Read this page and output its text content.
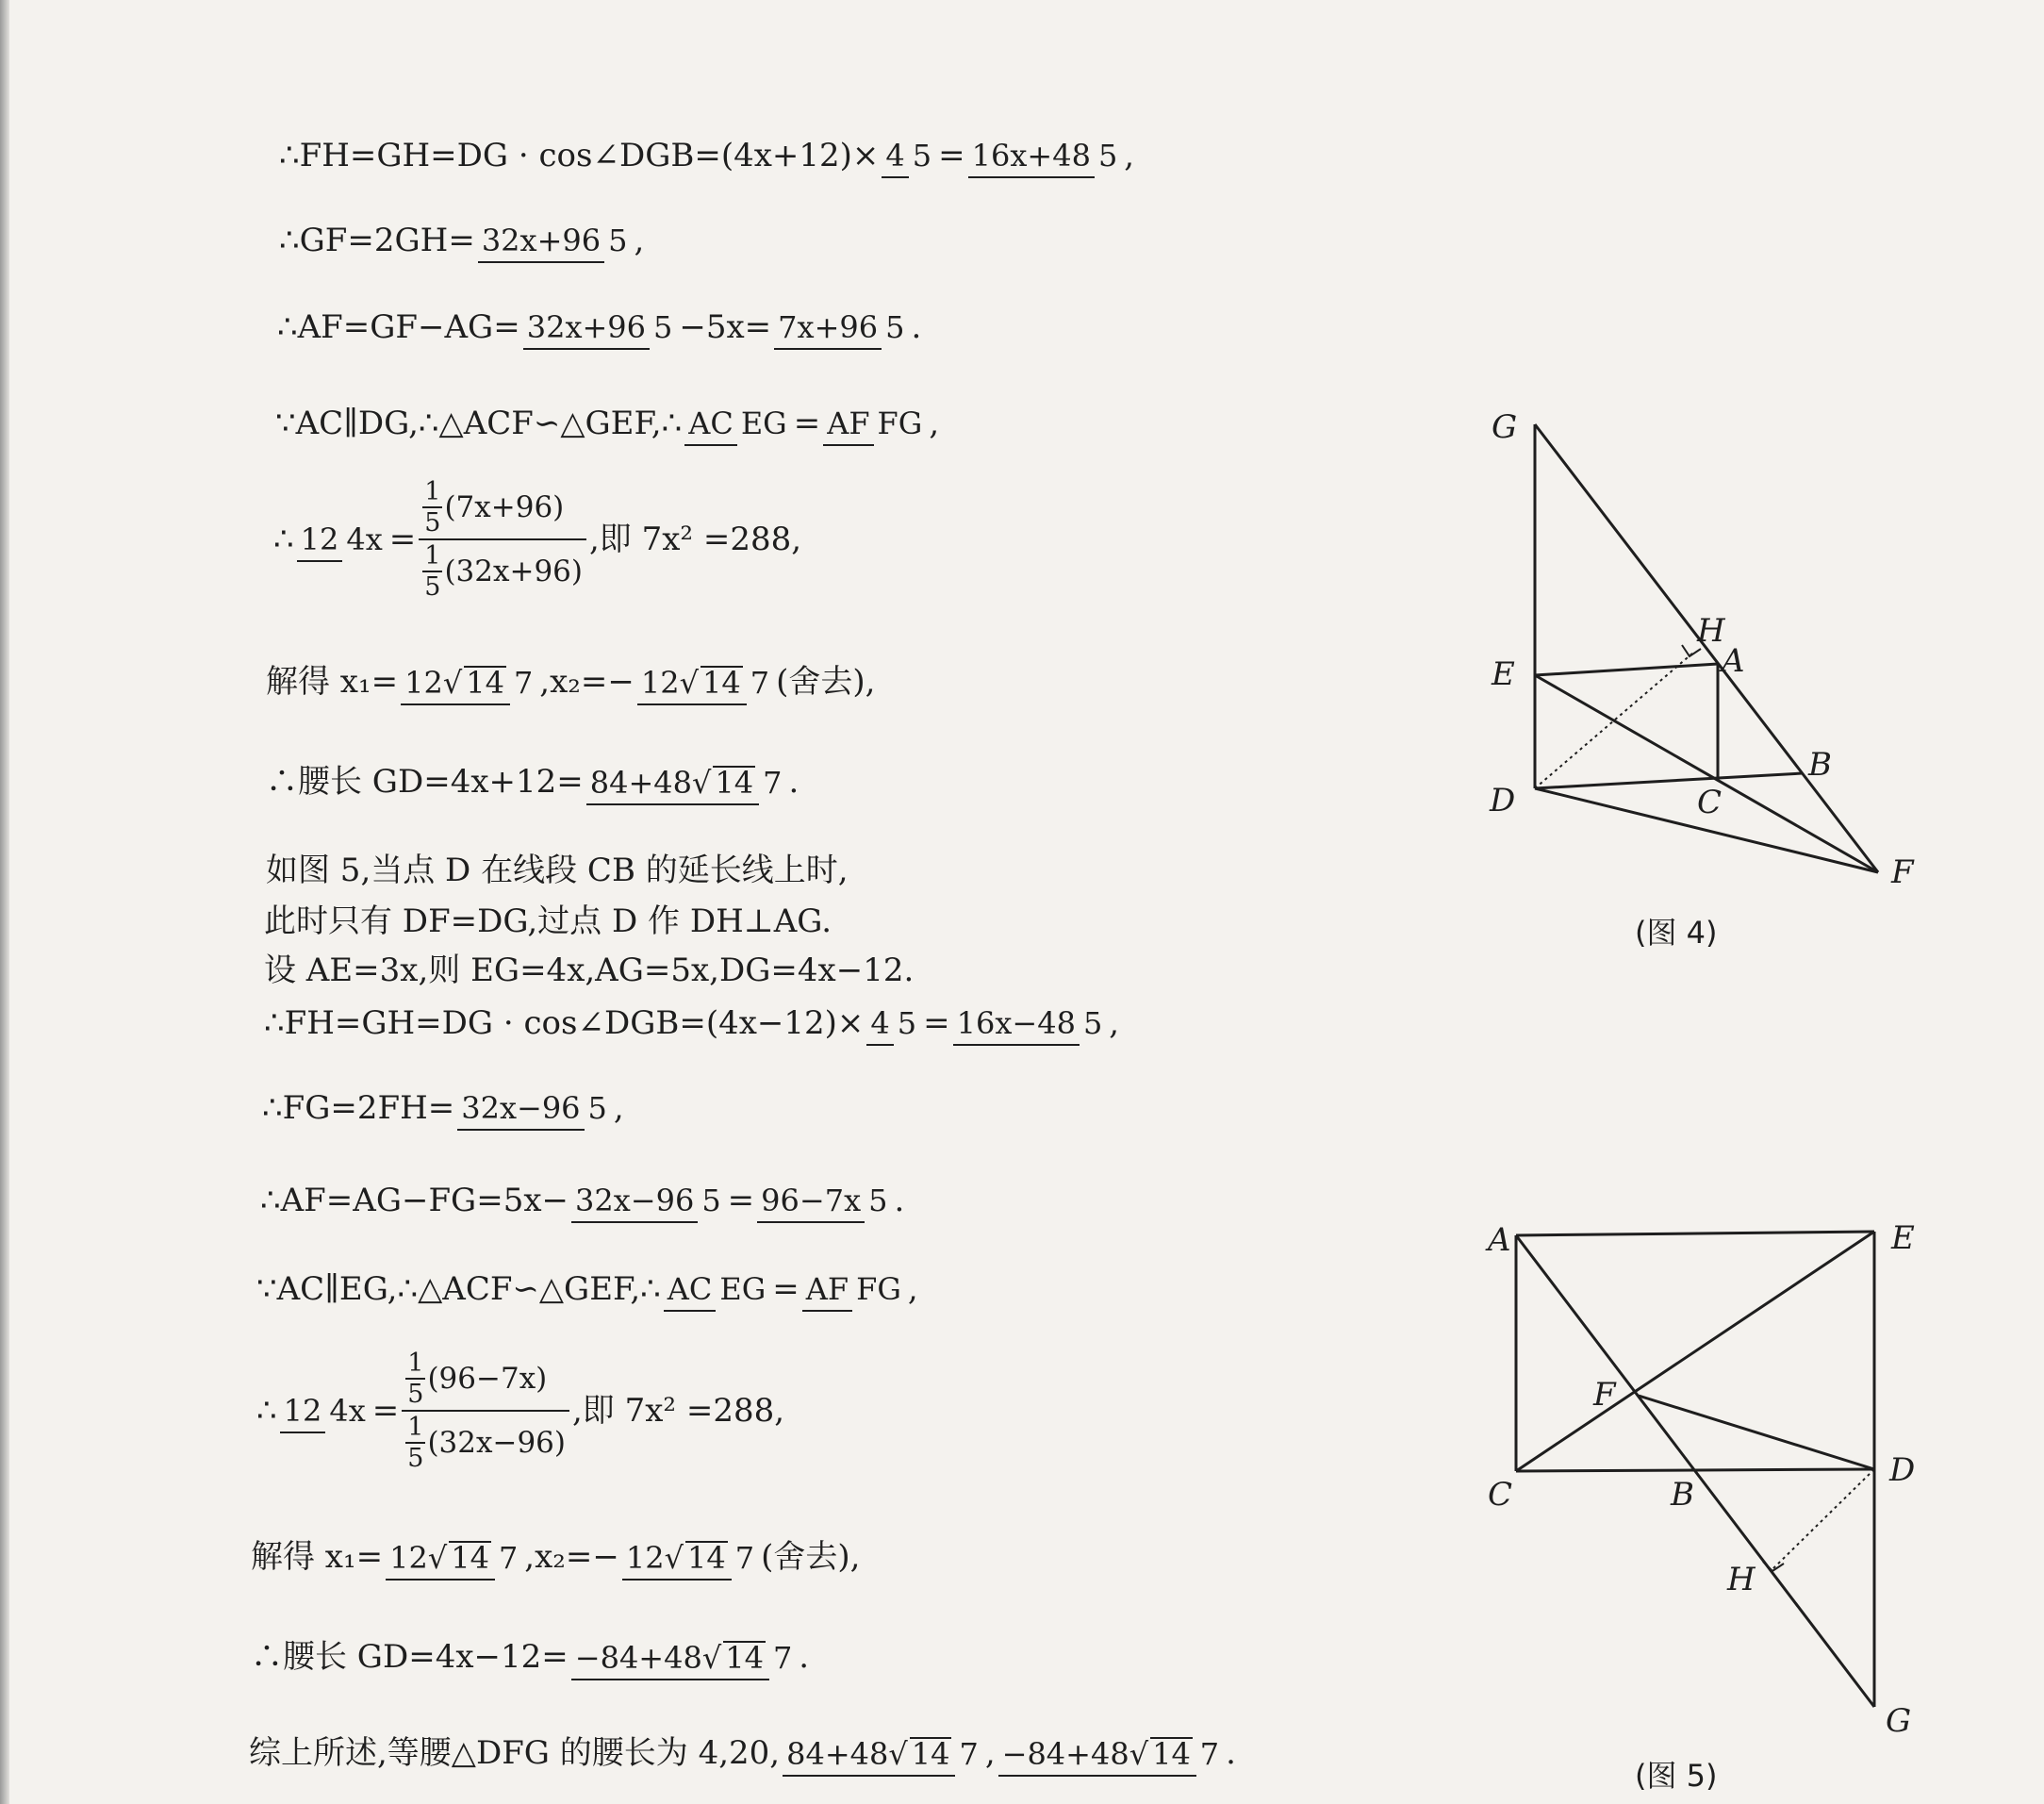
∴FH=GH=DG · cos∠DGB=(4x+12)× 4 5 = 16x+48 5 ,
∴GF=2GH= 32x+96 5 ,
∴AF=GF−AG= 32x+96 5 −5x= 7x+96 5 .
∵AC∥DG,∴△ACF∽△GEF,∴ AC EG = AF FG ,
∴ 12 $4x = \frac{\frac{1}{5} (7x+96)}{\frac{1}{5} (32x+96)}$ ,即 7x² =288,
解得 x₁= 12√ 14 7 ,x₂=− 12√ 14 7 (舍去),
∴腰长 GD=4x+12= 84+48√ 14 7 .
如图 5,当点 D 在线段 CB 的延长线上时,
此时只有 DF=DG,过点 D 作 DH⊥AG.
设 AE=3x,则 EG=4x,AG=5x,DG=4x−12.
∴FH=GH=DG · cos∠DGB=(4x−12)× 4 5 = 16x−48 5 ,
∴FG=2FH= 32x−96 5 ,
∴AF=AG−FG=5x− 32x−96 5 = 96−7x 5 .
∵AC∥EG,∴△ACF∽△GEF,∴ AC EG = AF FG ,
∴ 12 $4x = \frac{\frac{1}{5} (96-7x)}{\frac{1}{5} (32x-96)}$ ,即 7x² =288,
解得 x₁= 12√ 14 7 ,x₂=− 12√ 14 7 (舍去),
∴腰长 GD=4x−12= −84+48√ 14 7 .
综上所述,等腰△DFG 的腰长为 4,20, 84+48√ 14 7 , −84+48√ 14 7 .
G
H
A
E
B
D	C
F
(图 4)
A	E
F
C	B
D
H
G
(图 5)
